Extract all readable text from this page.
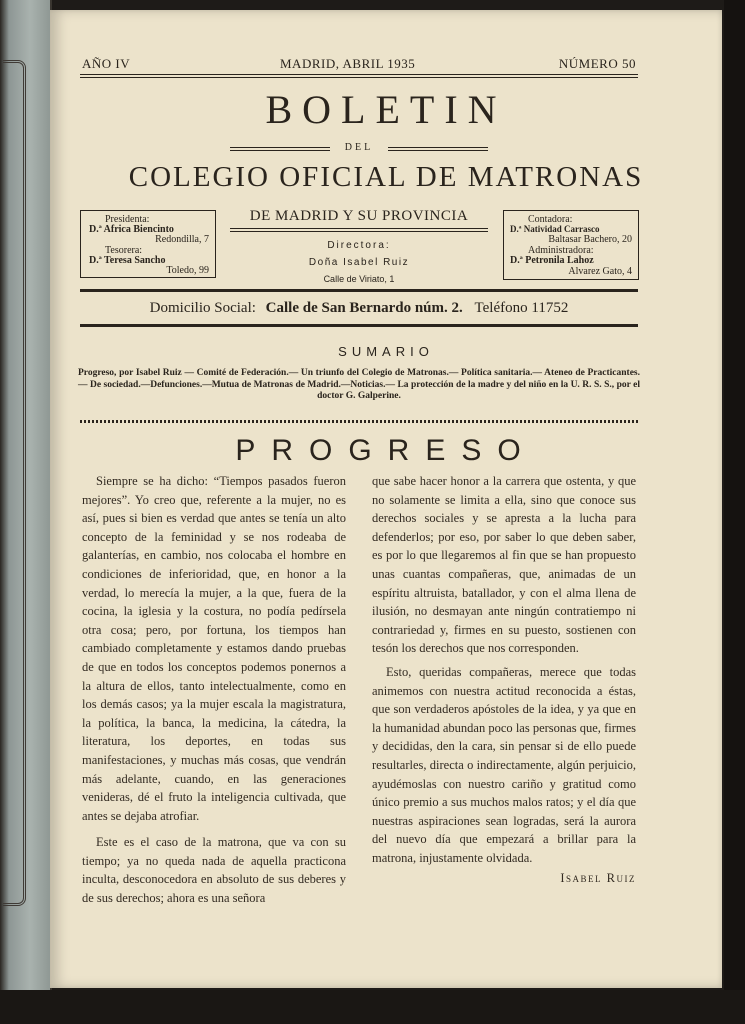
AÑO IV	MADRID, ABRIL 1935	NÚMERO 50
BOLETIN
DEL
COLEGIO OFICIAL DE MATRONAS
Presidenta:
D.ª Africa Biencinto
Redondilla, 7
Tesorera:
D.ª Teresa Sancho
Toledo, 99
DE MADRID Y SU PROVINCIA
Directora:
Doña Isabel Ruiz
Calle de Viriato, 1
Contadora:
D.ª Natividad Carrasco
Baltasar Bachero, 20
Administradora:
D.ª Petronila Lahoz
Alvarez Gato, 4
Domicilio Social: Calle de San Bernardo núm. 2. Teléfono 11752
SUMARIO
Progreso, por Isabel Ruiz — Comité de Federación.— Un triunfo del Colegio de Matronas.— Política sanitaria.— Ateneo de Practicantes.— De sociedad.—Defunciones.—Mutua de Matronas de Madrid.—Noticias.— La protección de la madre y del niño en la U. R. S. S., por el doctor G. Galperine.
PROGRESO

Siempre se ha dicho: “Tiempos pasados fueron mejores”. Yo creo que, referente a la mujer, no es así, pues si bien es verdad que antes se tenía un alto concepto de la feminidad y se nos rodeaba de galanterías, en cambio, nos colocaba el hombre en condiciones de inferioridad, que, en honor a la verdad, lo merecía la mujer, a la que, fuera de la cocina, la iglesia y la costura, no podía pedírsela otra cosa; pero, por fortuna, los tiempos han cambiado completamente y estamos dando pruebas de que en todos los conceptos podemos ponernos a la altura de ellos, tanto intelectualmente, como en los demás casos; ya la mujer escala la magistratura, la política, la banca, la medicina, la cátedra, la literatura, los deportes, en todas sus manifestaciones, y muchas más cosas, que vendrán más adelante, cuando, en las generaciones venideras, dé el fruto la inteligencia cultivada, que antes se dejaba atrofiar.

Este es el caso de la matrona, que va con su tiempo; ya no queda nada de aquella practicona inculta, desconocedora en absoluto de sus deberes y de sus derechos; ahora es una señora

que sabe hacer honor a la carrera que ostenta, y que no solamente se limita a ella, sino que conoce sus derechos sociales y se apresta a la lucha para defenderlos; por eso, por saber lo que deben saber, es por lo que llegaremos al fin que se han propuesto unas cuantas compañeras, que, animadas de un espíritu altruista, batallador, y con el alma llena de ilusión, no desmayan ante ningún contratiempo ni contrariedad y, firmes en su puesto, sostienen con tesón los derechos que nos corresponden.

Esto, queridas compañeras, merece que todas animemos con nuestra actitud reconocida a éstas, que son verdaderos apóstoles de la idea, y ya que en la humanidad abundan poco las personas que, firmes y decididas, den la cara, sin pensar si de ello puede resultarles, directa o indirectamente, algún perjuicio, ayudémoslas con nuestro cariño y gratitud como único premio a sus muchos malos ratos; y el día que nuestras aspiraciones sean logradas, será la aurora del nuevo día que empezará a brillar para la matrona, injustamente olvidada.

Isabel Ruiz
